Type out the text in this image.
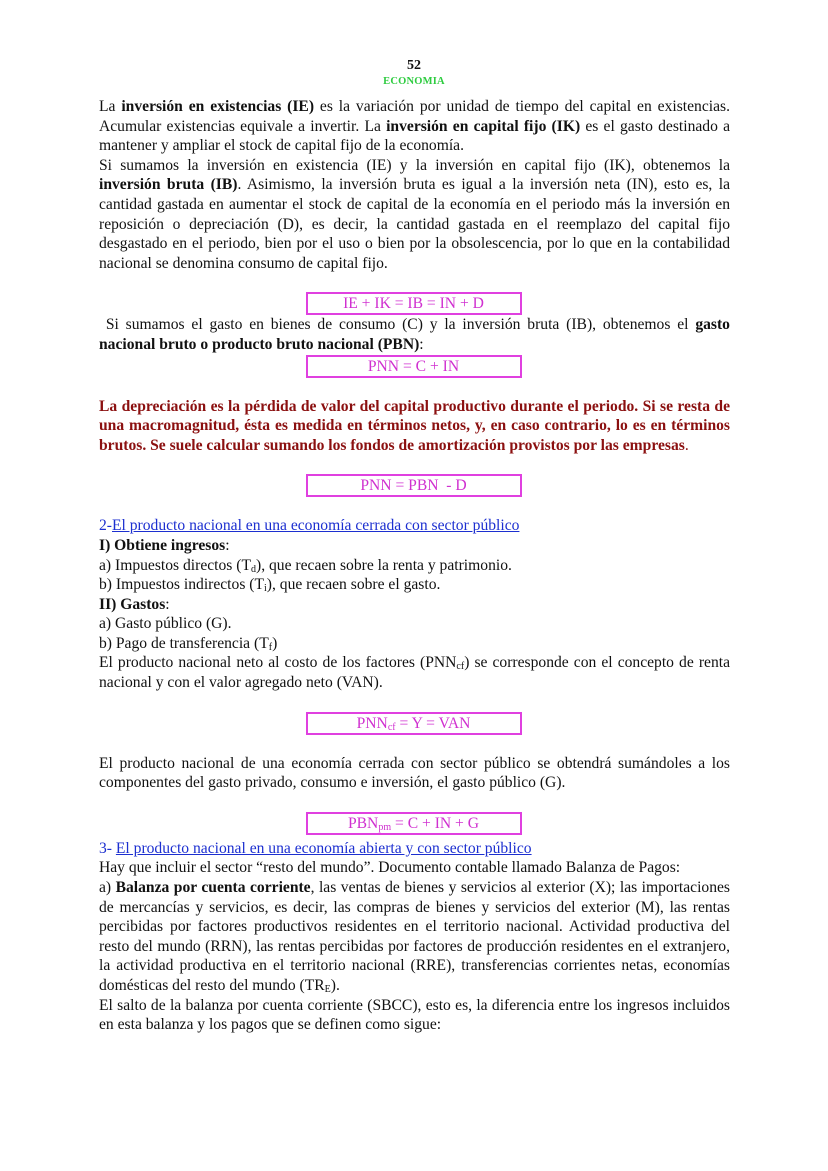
52
ECONOMIA

La inversión en existencias (IE) es la variación por unidad de tiempo del capital en existencias. Acumular existencias equivale a invertir. La inversión en capital fijo (IK) es el gasto destinado a mantener y ampliar el stock de capital fijo de la economía.

Si sumamos la inversión en existencia (IE) y la inversión en capital fijo (IK), obtenemos la inversión bruta (IB). Asimismo, la inversión bruta es igual a la inversión neta (IN), esto es, la cantidad gastada en aumentar el stock de capital de la economía en el periodo más la inversión en reposición o depreciación (D), es decir, la cantidad gastada en el reemplazo del capital fijo desgastado en el periodo, bien por el uso o bien por la obsolescencia, por lo que en la contabilidad nacional se denomina consumo de capital fijo.

IE + IK = IB = IN + D

Si sumamos el gasto en bienes de consumo (C) y la inversión bruta (IB), obtenemos el gasto nacional bruto o producto bruto nacional (PBN):

PNN = C + IN

La depreciación es la pérdida de valor del capital productivo durante el periodo. Si se resta de una macromagnitud, ésta es medida en términos netos, y, en caso contrario, lo es en términos brutos. Se suele calcular sumando los fondos de amortización provistos por las empresas.

PNN = PBN  - D

2-El producto nacional en una economía cerrada con sector público

I) Obtiene ingresos:

a) Impuestos directos $(T_d)$, que recaen sobre la renta y patrimonio.

b) Impuestos indirectos $(T_i)$, que recaen sobre el gasto.

II) Gastos:

a) Gasto público (G).

b) Pago de transferencia $(T_f)$

El producto nacional neto al costo de los factores $(PNN_{cf})$ se corresponde con el concepto de renta nacional y con el valor agregado neto (VAN).

$PNN_{cf} = Y$ = VAN

El producto nacional de una economía cerrada con sector público se obtendrá sumándoles a los componentes del gasto privado, consumo e inversión, el gasto público (G).

$PBN_{pm} = C$ + IN + G

3- El producto nacional en una economía abierta y con sector público

Hay que incluir el sector “resto del mundo”. Documento contable llamado Balanza de Pagos:

a) Balanza por cuenta corriente, las ventas de bienes y servicios al exterior (X); las importaciones de mercancías y servicios, es decir, las compras de bienes y servicios del exterior (M), las rentas percibidas por factores productivos residentes en el territorio nacional. Actividad productiva del resto del mundo (RRN), las rentas percibidas por factores de producción residentes en el extranjero, la actividad productiva en el territorio nacional (RRE), transferencias corrientes netas, economías domésticas del resto del mundo $(TR_E)$.

El salto de la balanza por cuenta corriente (SBCC), esto es, la diferencia entre los ingresos incluidos en esta balanza y los pagos que se definen como sigue:
